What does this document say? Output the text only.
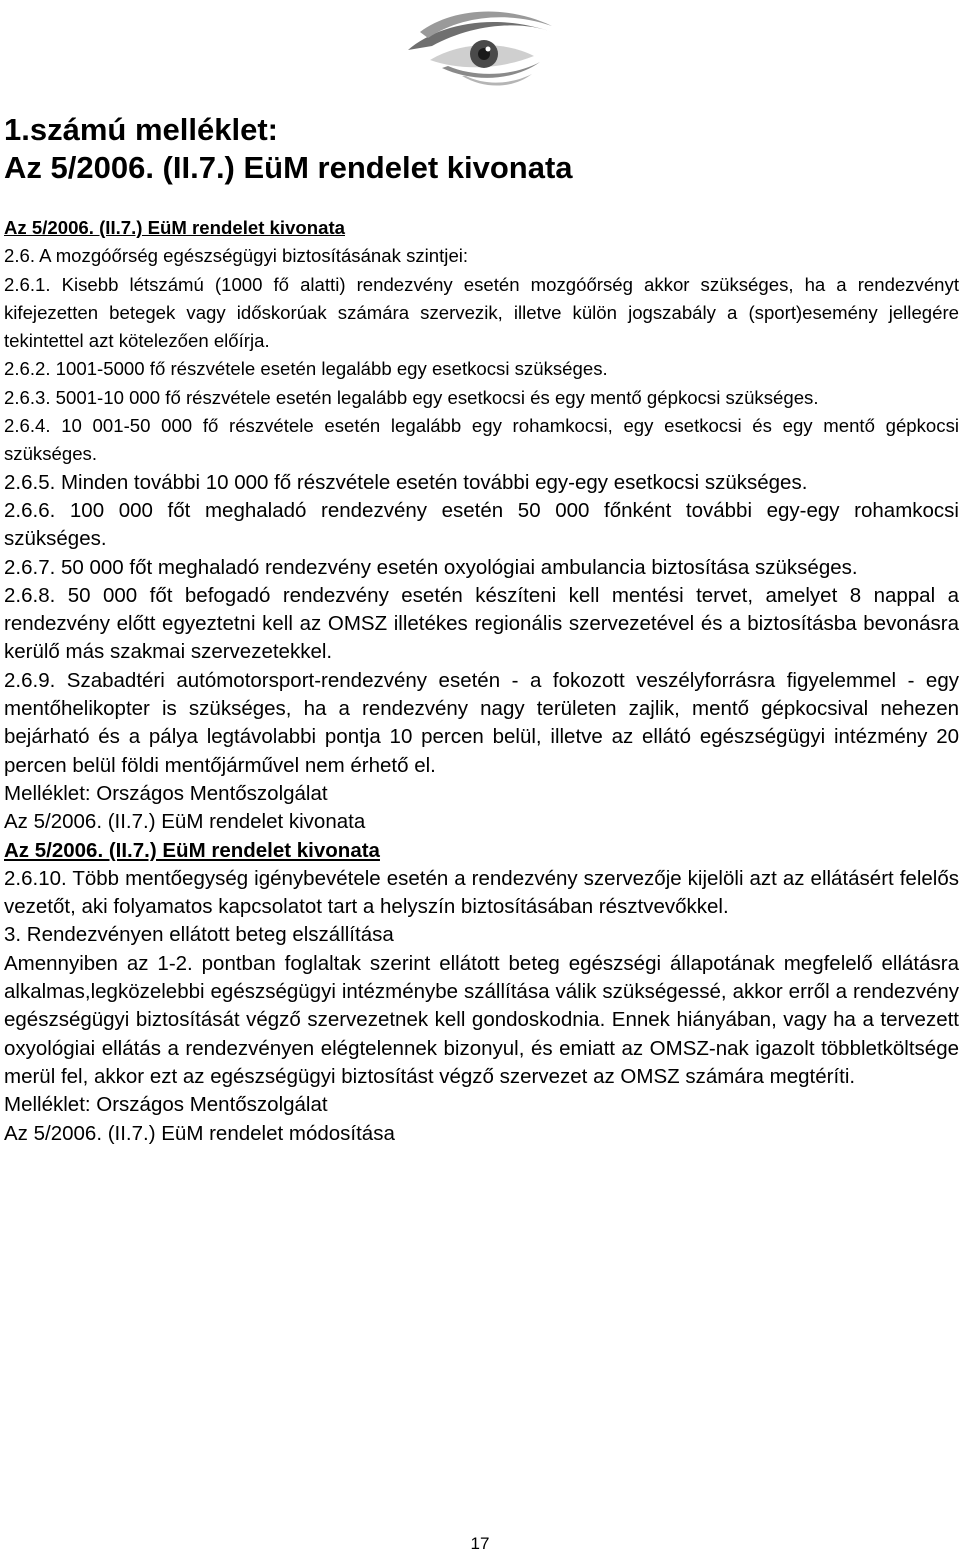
1.számú melléklet:
Az 5/2006. (II.7.) EüM rendelet kivonata

Az 5/2006. (II.7.) EüM rendelet kivonata

2.6. A mozgóőrség egészségügyi biztosításának szintjei:

2.6.1. Kisebb létszámú (1000 fő alatti) rendezvény esetén mozgóőrség akkor szükséges, ha a rendezvényt kifejezetten betegek vagy időskorúak számára szervezik, illetve külön jogszabály a (sport)esemény jellegére tekintettel azt kötelezően előírja.

2.6.2. 1001-5000 fő részvétele esetén legalább egy esetkocsi szükséges.

2.6.3. 5001-10 000 fő részvétele esetén legalább egy esetkocsi és egy mentő gépkocsi szükséges.

2.6.4. 10 001-50 000 fő részvétele esetén legalább egy rohamkocsi, egy esetkocsi és egy mentő gépkocsi szükséges.

2.6.5. Minden további 10 000 fő részvétele esetén további egy-egy esetkocsi szükséges.

2.6.6. 100 000 főt meghaladó rendezvény esetén 50 000 főnként további egy-egy rohamkocsi szükséges.

2.6.7. 50 000 főt meghaladó rendezvény esetén oxyológiai ambulancia biztosítása szükséges.

2.6.8. 50 000 főt befogadó rendezvény esetén készíteni kell mentési tervet, amelyet 8 nappal a rendezvény előtt egyeztetni kell az OMSZ illetékes regionális szervezetével és a biztosításba bevonásra kerülő más szakmai szervezetekkel.

2.6.9. Szabadtéri autómotorsport-rendezvény esetén - a fokozott veszélyforrásra figyelemmel - egy mentőhelikopter is szükséges, ha a rendezvény nagy területen zajlik, mentő gépkocsival nehezen bejárható és a pálya legtávolabbi pontja 10 percen belül, illetve az ellátó egészségügyi intézmény 20 percen belül földi mentőjárművel nem érhető el.

Melléklet: Országos Mentőszolgálat

Az 5/2006. (II.7.) EüM rendelet kivonata

Az 5/2006. (II.7.) EüM rendelet kivonata

2.6.10. Több mentőegység igénybevétele esetén a rendezvény szervezője kijelöli azt az ellátásért felelős vezetőt, aki folyamatos kapcsolatot tart a helyszín biztosításában résztvevőkkel.

3. Rendezvényen ellátott beteg elszállítása

Amennyiben az 1-2. pontban foglaltak szerint ellátott beteg egészségi állapotának megfelelő ellátásra alkalmas,legközelebbi egészségügyi intézménybe szállítása válik szükségessé, akkor erről a rendezvény egészségügyi biztosítását végző szervezetnek kell gondoskodnia. Ennek hiányában, vagy ha a tervezett oxyológiai ellátás a rendezvényen elégtelennek bizonyul, és emiatt az OMSZ-nak igazolt többletköltsége merül fel, akkor ezt az egészségügyi biztosítást végző szervezet az OMSZ számára megtéríti.

Melléklet: Országos Mentőszolgálat

Az 5/2006. (II.7.) EüM rendelet módosítása

17
